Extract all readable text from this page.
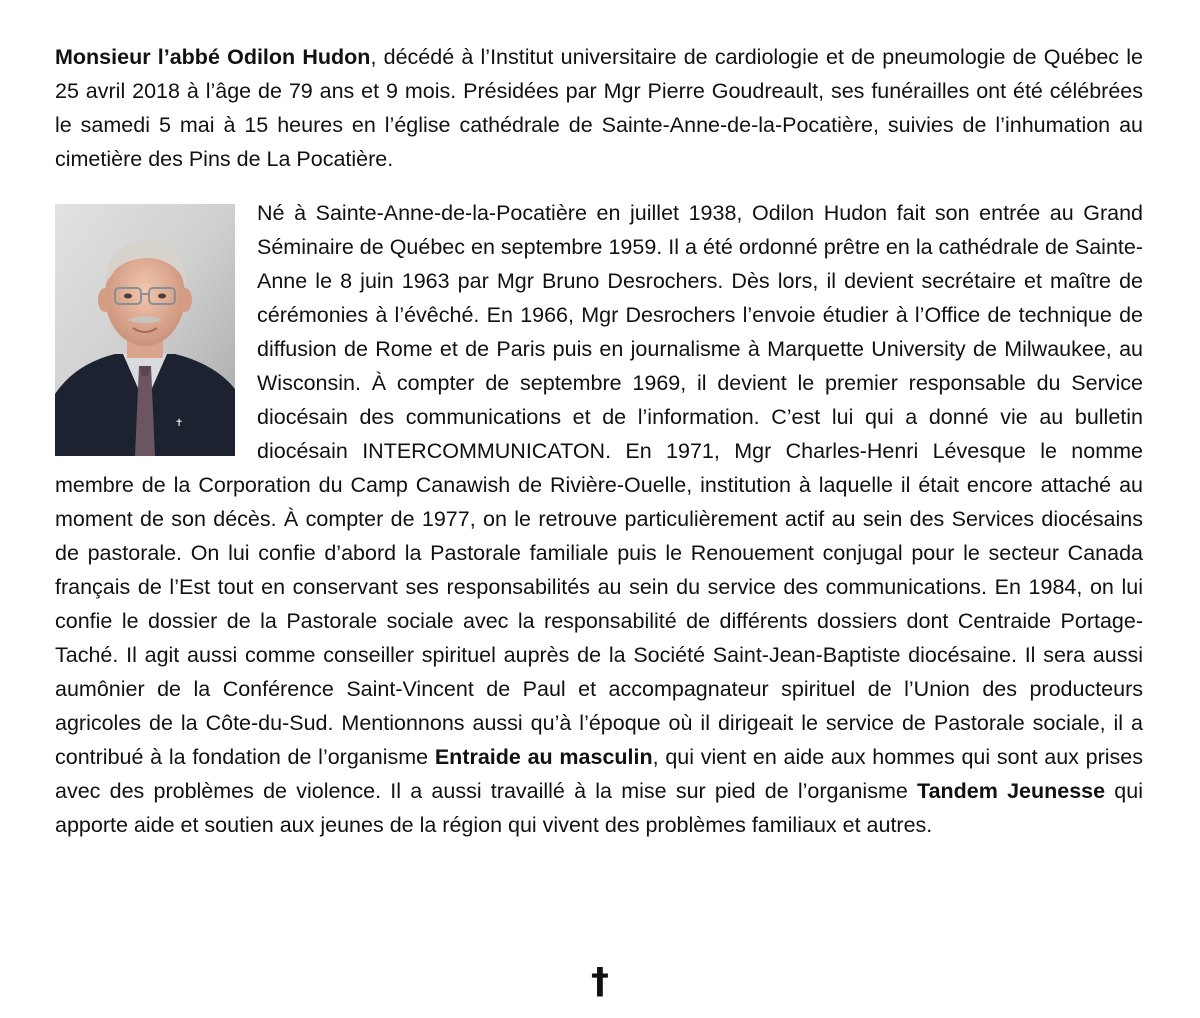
Monsieur l’abbé Odilon Hudon, décédé à l’Institut universitaire de cardiologie et de pneumologie de Québec le 25 avril 2018 à l’âge de 79 ans et 9 mois. Présidées par Mgr Pierre Goudreault, ses funérailles ont été célébrées le samedi 5 mai à 15 heures en l’église cathédrale de Sainte-Anne-de-la-Pocatière, suivies de l’inhumation au cimetière des Pins de La Pocatière.

✝

Né à Sainte-Anne-de-la-Pocatière en juillet 1938, Odilon Hudon fait son entrée au Grand Séminaire de Québec en septembre 1959. Il a été ordonné prêtre en la cathédrale de Sainte-Anne le 8 juin 1963 par Mgr Bruno Desrochers. Dès lors, il devient secrétaire et maître de cérémonies à l’évêché. En 1966, Mgr Desrochers l’envoie étudier à l’Office de technique de diffusion de Rome et de Paris puis en journalisme à Marquette University de Milwaukee, au Wisconsin. À compter de septembre 1969, il devient le premier responsable du Service diocésain des communications et de l’information. C’est lui qui a donné vie au bulletin diocésain INTERCOMMUNICATON. En 1971, Mgr Charles-Henri Lévesque le nomme membre de la Corporation du Camp Canawish de Rivière-Ouelle, institution à laquelle il était encore attaché au moment de son décès. À compter de 1977, on le retrouve particulièrement actif au sein des Services diocésains de pastorale. On lui confie d’abord la Pastorale familiale puis le Renouement conjugal pour le secteur Canada français de l’Est tout en conservant ses responsabilités au sein du service des communications. En 1984, on lui confie le dossier de la Pastorale sociale avec la responsabilité de différents dossiers dont Centraide Portage-Taché. Il agit aussi comme conseiller spirituel auprès de la Société Saint-Jean-Baptiste diocésaine. Il sera aussi aumônier de la Conférence Saint-Vincent de Paul et accompagnateur spirituel de l’Union des producteurs agricoles de la Côte-du-Sud. Mentionnons aussi qu’à l’époque où il dirigeait le service de Pastorale sociale, il a contribué à la fondation de l’organisme Entraide au masculin, qui vient en aide aux hommes qui sont aux prises avec des problèmes de violence. Il a aussi travaillé à la mise sur pied de l’organisme Tandem Jeunesse qui apporte aide et soutien aux jeunes de la région qui vivent des problèmes familiaux et autres.

†
